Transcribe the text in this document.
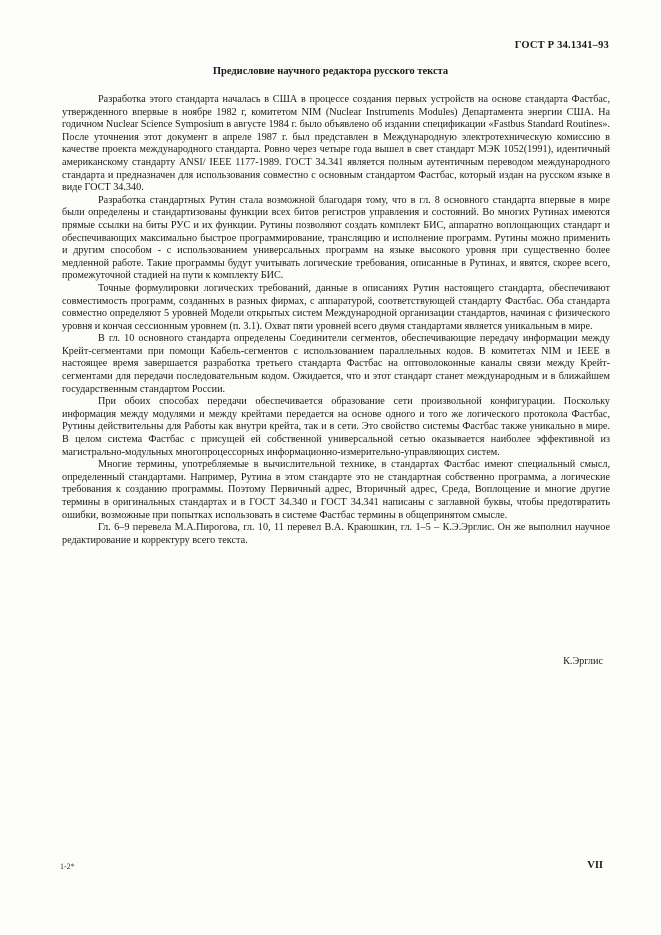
ГОСТ Р 34.1341–93
Предисловие научного редактора русского текста

Разработка этого стандарта началась в США в процессе создания первых устройств на основе стандарта Фастбас, утвержденного впервые в ноябре 1982 г, комитетом NIM (Nuclear Instruments Modules) Департамента энергии США. На годичном Nuclear Science Symposium в августе 1984 г. было объявлено об издании спецификации «Fastbus Standard Routines». После уточнения этот документ в апреле 1987 г. был представлен в Международную электротехническую комиссию в качестве проекта международного стандарта. Ровно через четыре года вышел в свет стандарт МЭК 1052(1991), идентичный американскому стандарту ANSI/ IEEE 1177-1989. ГОСТ 34.341 является полным аутентичным переводом международного стандарта и предназначен для использования совместно с основным стандартом Фастбас, который издан на русском языке в виде ГОСТ 34.340.

Разработка стандартных Рутин стала возможной благодаря тому, что в гл. 8 основного стандарта впервые в мире были определены и стандартизованы функции всех битов регистров управления и состояний. Во многих Рутинах имеются прямые ссылки на биты РУС и их функции. Рутины позволяют создать комплект БИС, аппаратно воплощающих стандарт и обеспечивающих максимально быстрое программирование, трансляцию и исполнение программ. Рутины можно применить и другим способом - с использованием универсальных программ на языке высокого уровня при существенно более медленной работе. Такие программы будут учитывать логические требования, описанные в Рутинах, и явятся, скорее всего, промежуточной стадией на пути к комплекту БИС.

Точные формулировки логических требований, данные в описаниях Рутин настоящего стандарта, обеспечивают совместимость программ, созданных в разных фирмах, с аппаратурой, соответствующей стандарту Фастбас. Оба стандарта совместно определяют 5 уровней Модели открытых систем Международной организации стандартов, начиная с физического уровня и кончая сессионным уровнем (п. 3.1). Охват пяти уровней всего двумя стандартами является уникальным в мире.

В гл. 10 основного стандарта определены Соединители сегментов, обеспечивающие передачу информации между Крейт-сегментами при помощи Кабель-сегментов с использованием параллельных кодов. В комитетах NIM и IEEE в настоящее время завершается разработка третьего стандарта Фастбас на оптоволоконные каналы связи между Крейт-сегментами для передачи последовательным кодом. Ожидается, что и этот стандарт станет международным и в ближайшем государственным стандартом России.

При обоих способах передачи обеспечивается образование сети произвольной конфигурации. Поскольку информация между модулями и между крейтами передается на основе одного и того же логического протокола Фастбас, Рутины действительны для Работы как внутри крейта, так и в сети. Это свойство системы Фастбас также уникально в мире. В целом система Фастбас с присущей ей собственной универсальной сетью оказывается наиболее эффективной из магистрально-модульных многопроцессорных информационно-измерительно-управляющих систем.

Многие термины, употребляемые в вычислительной технике, в стандартах Фастбас имеют специальный смысл, определенный стандартами. Например, Рутина в этом стандарте это не стандартная собственно программа, а логические требования к созданию программы. Поэтому Первичный адрес, Вторичный адрес, Среда, Воплощение и многие другие термины в оригинальных стандартах и в ГОСТ 34.340 и ГОСТ 34.341 написаны с заглавной буквы, чтобы предотвратить ошибки, возможные при попытках использовать в системе Фастбас термины в общепринятом смысле.

Гл. 6–9 перевела М.А.Пирогова, гл. 10, 11 перевел В.А. Краюшкин, гл. 1–5 – К.Э.Эрглис. Он же выполнил научное редактирование и корректуру всего текста.

К.Эрглис
1-2*	VII
